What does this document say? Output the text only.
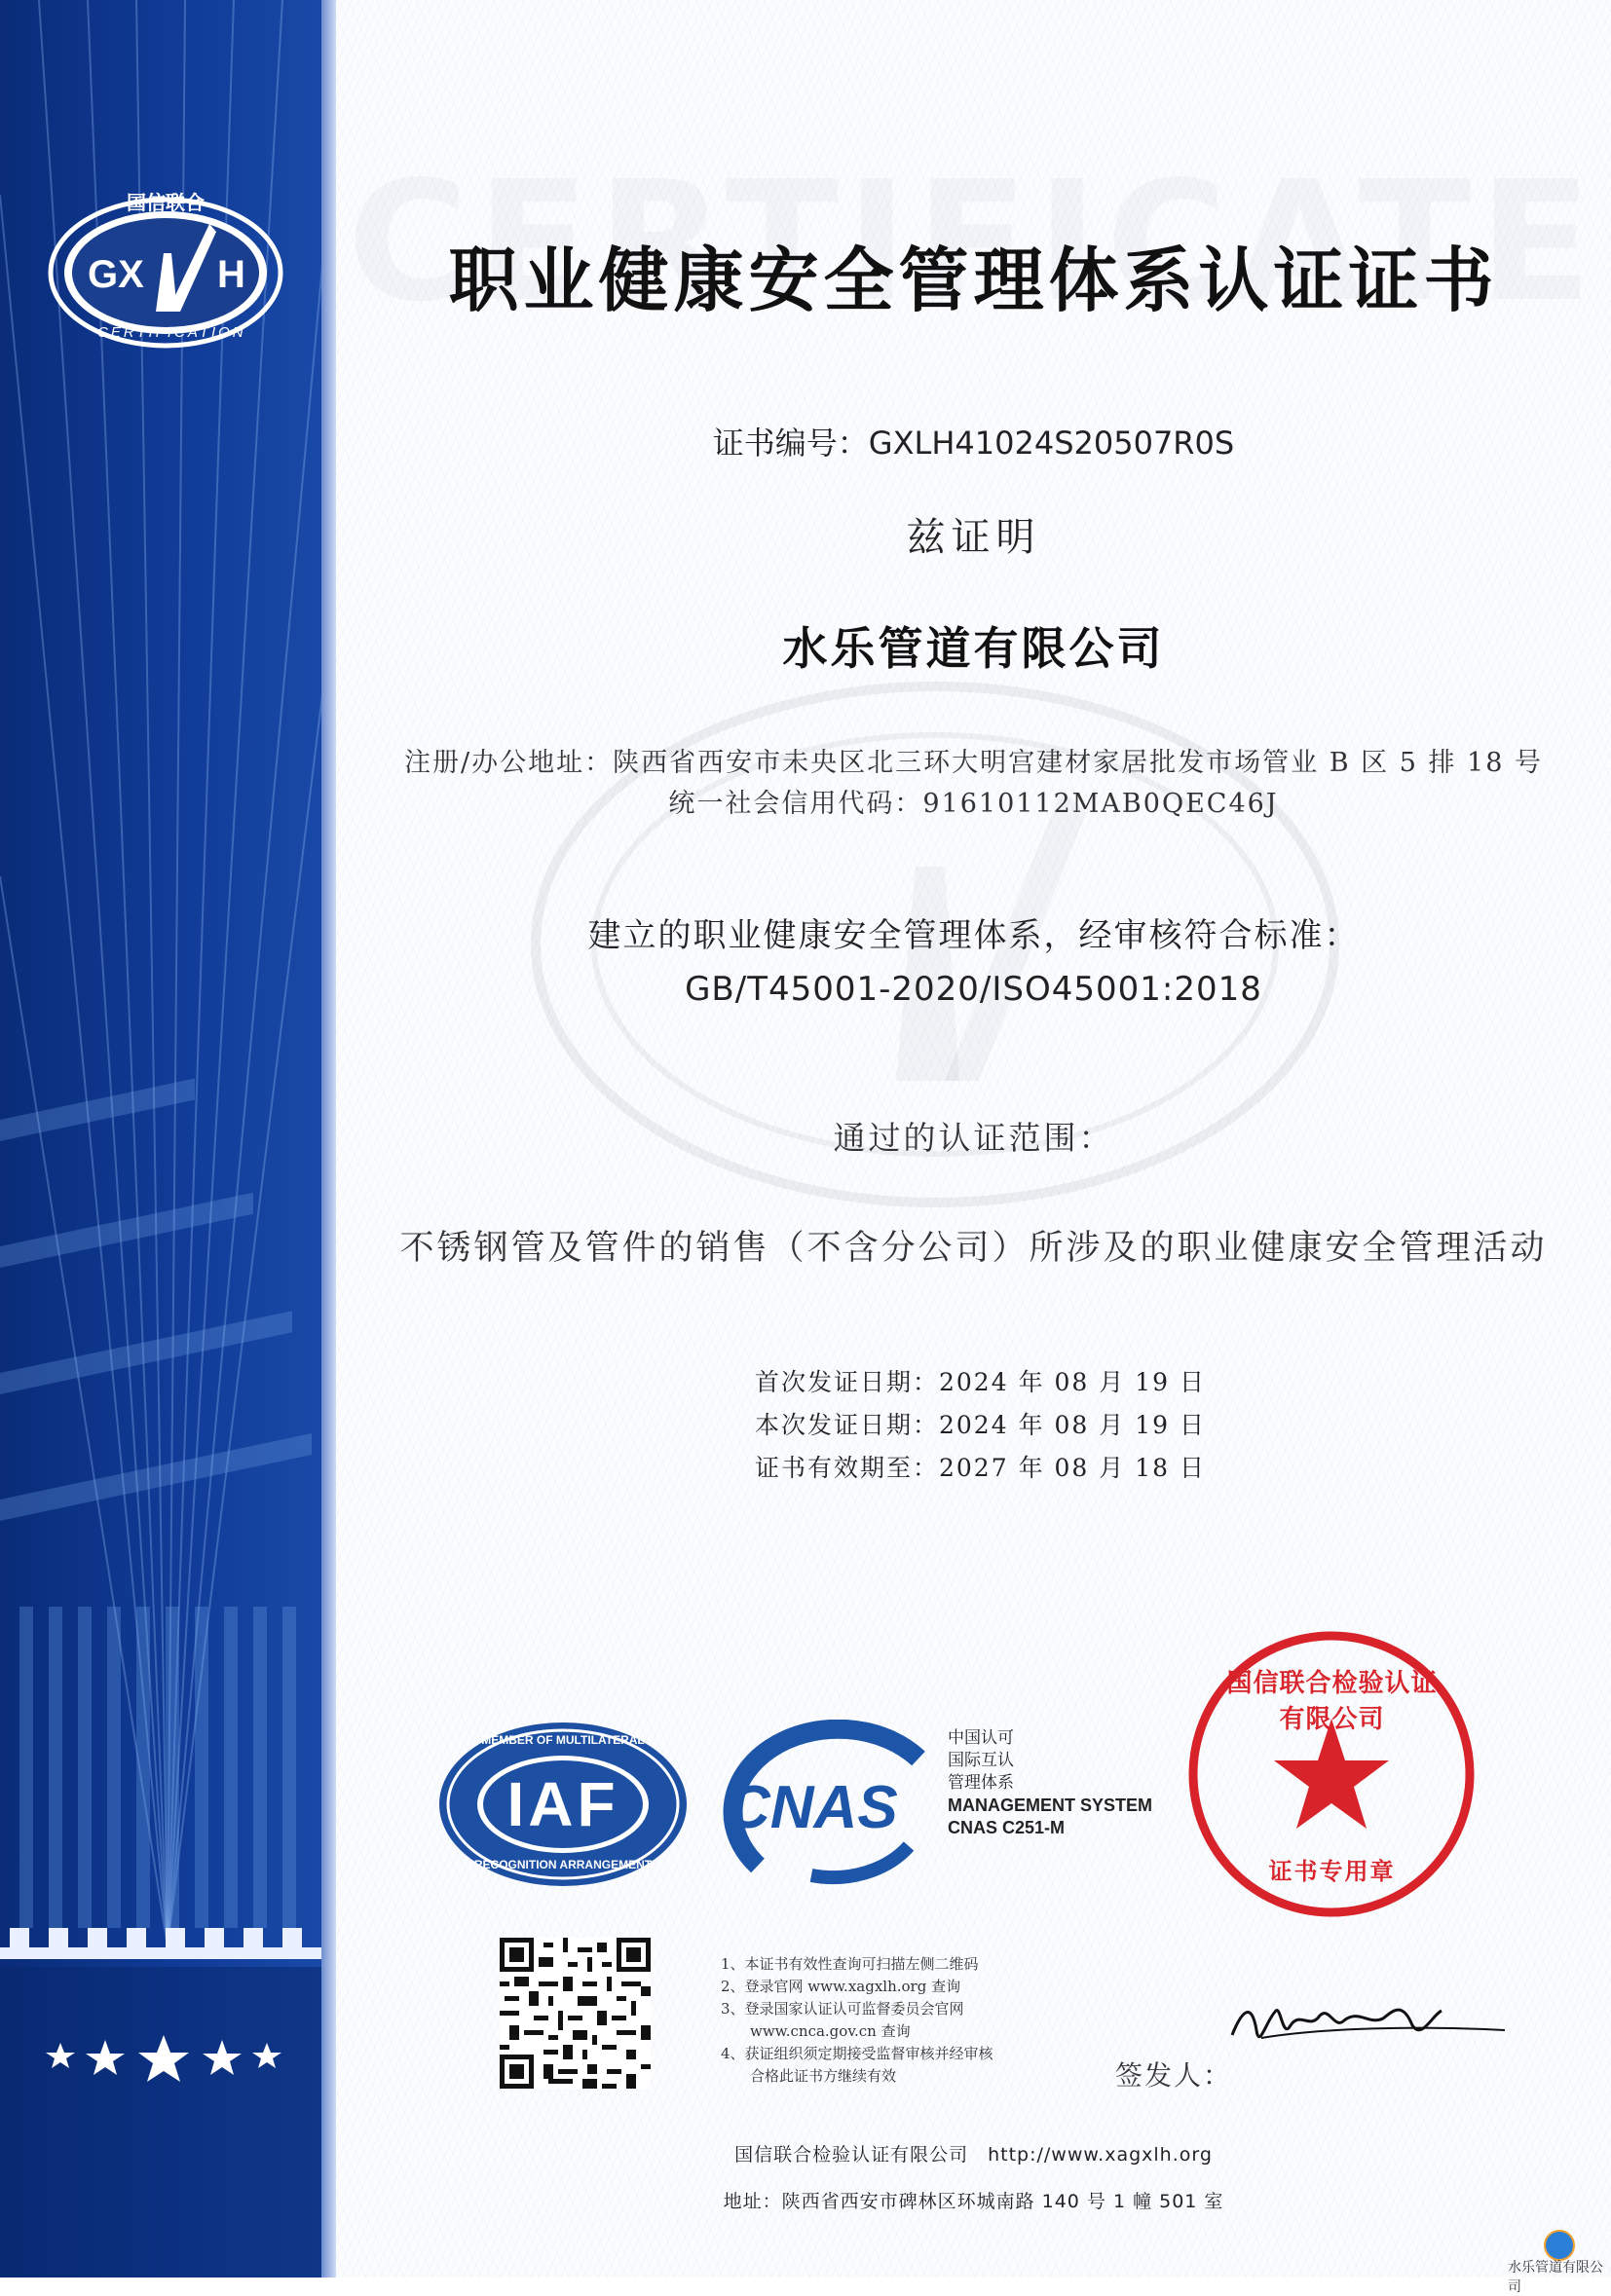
国信联合
GX H
CERTIFICATION
职业健康安全管理体系认证证书
证书编号：GXLH41024S20507R0S
兹证明
水乐管道有限公司
注册/办公地址：陕西省西安市未央区北三环大明宫建材家居批发市场管业 B 区 5 排 18 号
统一社会信用代码：91610112MAB0QEC46J
建立的职业健康安全管理体系，经审核符合标准：
GB/T45001-2020/ISO45001:2018
通过的认证范围：
不锈钢管及管件的销售（不含分公司）所涉及的职业健康安全管理活动
首次发证日期：2024 年 08 月 19 日
本次发证日期：2024 年 08 月 19 日
证书有效期至：2027 年 08 月 18 日
IAF
MEMBER OF MULTILATERAL
RECOGNITION ARRANGEMENT
CNAS
中国认可
国际互认
管理体系
MANAGEMENT SYSTEM
CNAS C251-M
国信联合检验认证有限公司
证书专用章
1、本证书有效性查询可扫描左侧二维码
2、登录官网 www.xagxlh.org 查询
3、登录国家认证认可监督委员会官网
www.cnca.gov.cn 查询
4、获证组织须定期接受监督审核并经审核
合格此证书方继续有效	签发人：
国信联合检验认证有限公司　http://www.xagxlh.org
地址：陕西省西安市碑林区环城南路 140 号 1 幢 501 室
水乐管道有限公司
